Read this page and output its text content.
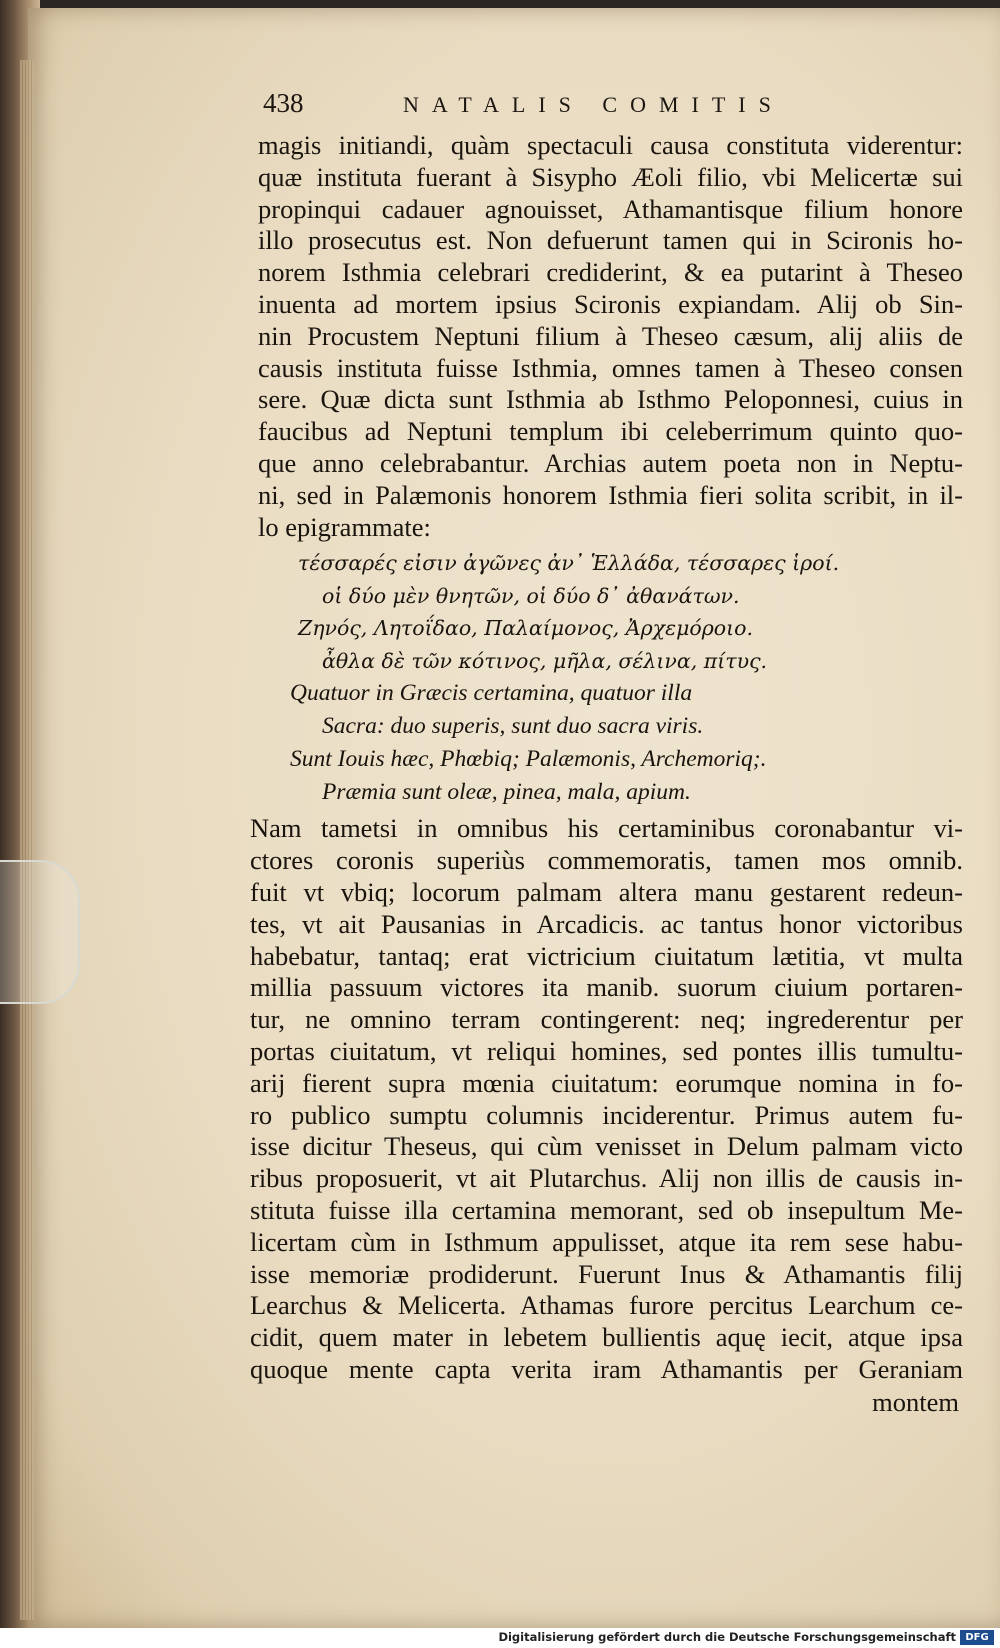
438	NATALIS COMITIS
magis initiandi, quàm spectaculi causa constituta viderentur:
quæ instituta fuerant à Sisypho Æoli filio, vbi Melicertæ sui
propinqui cadauer agnouisset, Athamantisque filium honore
illo prosecutus est. Non defuerunt tamen qui in Scironis ho-
norem Isthmia celebrari crediderint, & ea putarint à Theseo
inuenta ad mortem ipsius Scironis expiandam. Alij ob Sin-
nin Procustem Neptuni filium à Theseo cæsum, alij aliis de
causis instituta fuisse Isthmia, omnes tamen à Theseo consen
sere. Quæ dicta sunt Isthmia ab Isthmo Peloponnesi, cuius in
faucibus ad Neptuni templum ibi celeberrimum quinto quo-
que anno celebrabantur. Archias autem poeta non in Neptu-
ni, sed in Palæmonis honorem Isthmia fieri solita scribit, in il-
lo epigrammate:
τέσσαρές εἰσιν ἀγῶνες ἀν᾽ Ἑλλάδα, τέσσαρες ἱροί.
οἱ δύο μὲν θνητῶν, οἱ δύο δ᾽ ἀθανάτων.
Ζηνός, Λητοΐδαο, Παλαίμονος, Ἀρχεμόροιο.
ἆθλα δὲ τῶν κότινος, μῆλα, σέλινα, πίτυς.
Quatuor in Græcis certamina, quatuor illa
Sacra: duo superis, sunt duo sacra viris.
Sunt Iouis hæc, Phœbiq; Palæmonis, Archemoriq;.
Præmia sunt oleæ, pinea, mala, apium.
Nam tametsi in omnibus his certaminibus coronabantur vi-
ctores coronis superiùs commemoratis, tamen mos omnib.
fuit vt vbiq; locorum palmam altera manu gestarent redeun-
tes, vt ait Pausanias in Arcadicis. ac tantus honor victoribus
habebatur, tantaq; erat victricium ciuitatum lætitia, vt multa
millia passuum victores ita manib. suorum ciuium portaren-
tur, ne omnino terram contingerent: neq; ingrederentur per
portas ciuitatum, vt reliqui homines, sed pontes illis tumultu-
arij fierent supra mœnia ciuitatum: eorumque nomina in fo-
ro publico sumptu columnis inciderentur. Primus autem fu-
isse dicitur Theseus, qui cùm venisset in Delum palmam victo
ribus proposuerit, vt ait Plutarchus. Alij non illis de causis in-
stituta fuisse illa certamina memorant, sed ob insepultum Me-
licertam cùm in Isthmum appulisset, atque ita rem sese habu-
isse memoriæ prodiderunt. Fuerunt Inus & Athamantis filij
Learchus & Melicerta. Athamas furore percitus Learchum ce-
cidit, quem mater in lebetem bullientis aquę iecit, atque ipsa
quoque mente capta verita iram Athamantis per Geraniam
montem
Digitalisierung gefördert durch die Deutsche Forschungsgemeinschaft DFG
